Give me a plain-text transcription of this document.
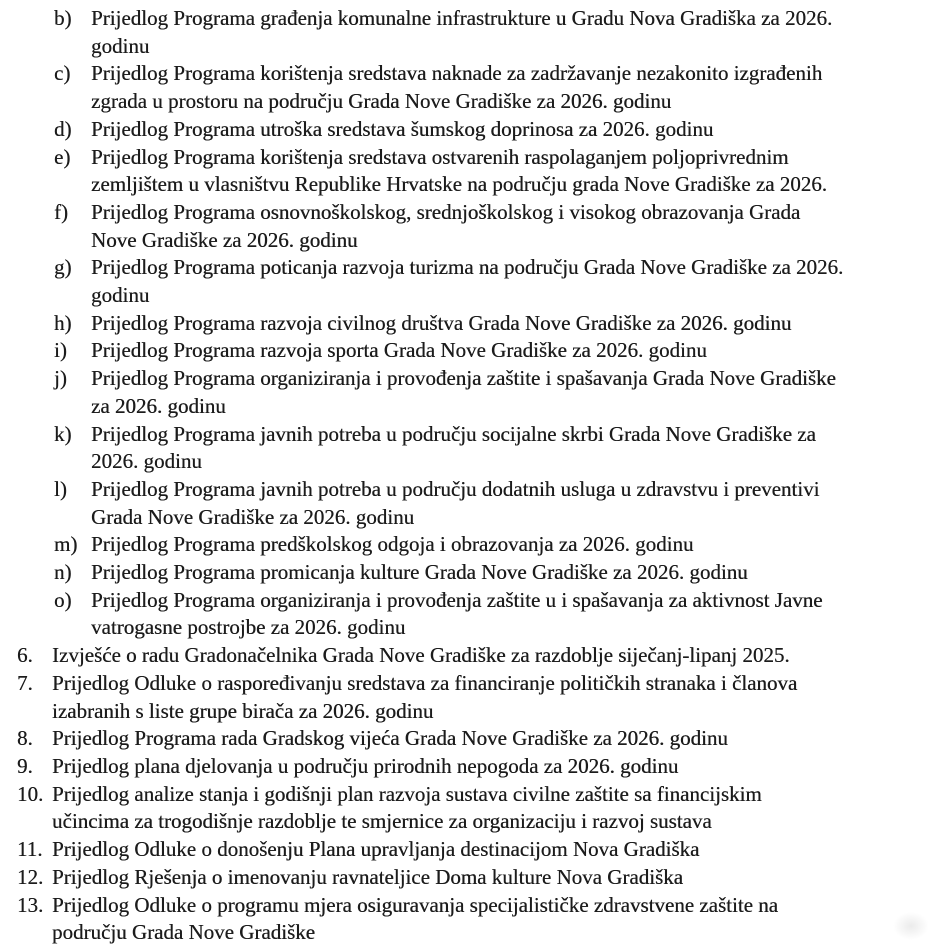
b) Prijedlog Programa građenja komunalne infrastrukture u Gradu Nova Gradiška za 2026.
godinu
c) Prijedlog Programa korištenja sredstava naknade za zadržavanje nezakonito izgrađenih
zgrada u prostoru na području Grada Nove Gradiške za 2026. godinu
d) Prijedlog Programa utroška sredstava šumskog doprinosa za 2026. godinu
e) Prijedlog Programa korištenja sredstava ostvarenih raspolaganjem poljoprivrednim
zemljištem u vlasništvu Republike Hrvatske na području grada Nove Gradiške za 2026.
f)	Prijedlog Programa osnovnoškolskog, srednjoškolskog i visokog obrazovanja Grada
Nove Gradiške za 2026. godinu
g) Prijedlog Programa poticanja razvoja turizma na području Grada Nove Gradiške za 2026.
godinu
h) Prijedlog Programa razvoja civilnog društva Grada Nove Gradiške za 2026. godinu
i)	Prijedlog Programa razvoja sporta Grada Nove Gradiške za 2026. godinu
j)	Prijedlog Programa organiziranja i provođenja zaštite i spašavanja Grada Nove Gradiške
za 2026. godinu
k) Prijedlog Programa javnih potreba u području socijalne skrbi Grada Nove Gradiške za
2026. godinu
l)	Prijedlog Programa javnih potreba u području dodatnih usluga u zdravstvu i preventivi
Grada Nove Gradiške za 2026. godinu
m) Prijedlog Programa predškolskog odgoja i obrazovanja za 2026. godinu
n) Prijedlog Programa promicanja kulture Grada Nove Gradiške za 2026. godinu
o) Prijedlog Programa organiziranja i provođenja zaštite u i spašavanja za aktivnost Javne
vatrogasne postrojbe za 2026. godinu
6. Izvješće o radu Gradonačelnika Grada Nove Gradiške za razdoblje siječanj-lipanj 2025.
7. Prijedlog Odluke o raspoređivanju sredstava za financiranje političkih stranaka i članova
izabranih s liste grupe birača za 2026. godinu
8. Prijedlog Programa rada Gradskog vijeća Grada Nove Gradiške za 2026. godinu
9. Prijedlog plana djelovanja u području prirodnih nepogoda za 2026. godinu
10. Prijedlog analize stanja i godišnji plan razvoja sustava civilne zaštite sa financijskim
učincima za trogodišnje razdoblje te smjernice za organizaciju i razvoj sustava
11. Prijedlog Odluke o donošenju Plana upravljanja destinacijom Nova Gradiška
12. Prijedlog Rješenja o imenovanju ravnateljice Doma kulture Nova Gradiška
13. Prijedlog Odluke o programu mjera osiguravanja specijalističke zdravstvene zaštite na
području Grada Nove Gradiške
